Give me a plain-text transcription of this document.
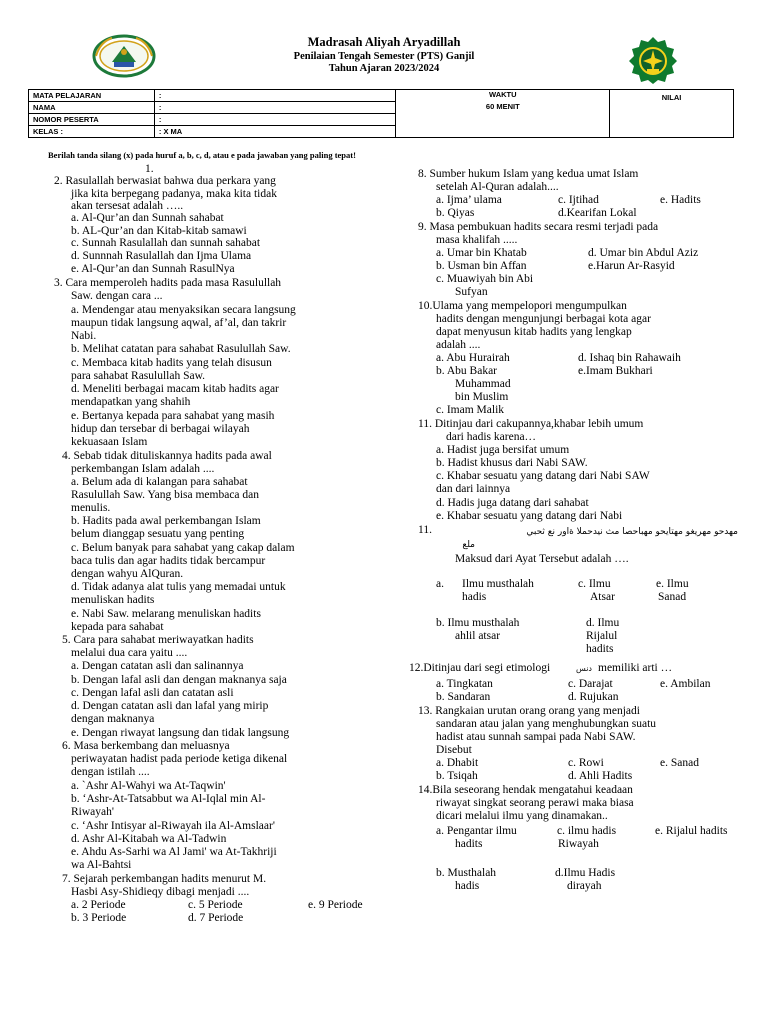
Madrasah Aliyah Aryadillah
Penilaian Tengah Semester (PTS) Ganjil
Tahun Ajaran 2023/2024
MATA PELAJARAN	:	WAKTU	NILAI

NAMA	:	60 MENIT	
NOMOR PESERTA	:		
KELAS :	: X MA		
Berilah tanda silang (x) pada huruf a, b, c, d, atau e pada jawaban yang paling tepat!
1.
2. Rasulallah berwasiat bahwa dua perkara yang
jika kita berpegang padanya, maka kita tidak
akan tersesat adalah …..
a. Al-Qur’an dan Sunnah sahabat
b. AL-Qur’an dan Kitab-kitab samawi
c. Sunnah Rasulallah dan sunnah sahabat
d. Sunnnah Rasulallah dan Ijma Ulama
e. Al-Qur’an dan Sunnah RasulNya
3. Cara memperoleh hadits pada masa Rasulullah
Saw. dengan cara ...
a. Mendengar atau menyaksikan secara langsung
maupun tidak langsung aqwal, af’al, dan takrir
Nabi.
b. Melihat catatan para sahabat Rasulullah Saw.
c. Membaca kitab hadits yang telah disusun
para sahabat Rasulullah Saw.
d. Meneliti berbagai macam kitab hadits agar
mendapatkan yang shahih
e. Bertanya kepada para sahabat yang masih
hidup dan tersebar di berbagai wilayah
kekuasaan Islam
4. Sebab tidak dituliskannya hadits pada awal
perkembangan Islam adalah ....
a. Belum ada di kalangan para sahabat
Rasulullah Saw. Yang bisa membaca dan
menulis.
b. Hadits pada awal perkembangan Islam
belum dianggap sesuatu yang penting
c. Belum banyak para sahabat yang cakap dalam
baca tulis dan agar hadits tidak bercampur
dengan wahyu AlQuran.
d. Tidak adanya alat tulis yang memadai untuk
menuliskan hadits
e. Nabi Saw. melarang menuliskan hadits
kepada para sahabat
5. Cara para sahabat meriwayatkan hadits
melalui dua cara yaitu ....
a. Dengan catatan asli dan salinannya
b. Dengan lafal asli dan dengan maknanya saja
c. Dengan lafal asli dan catatan asli
d. Dengan catatan asli dan lafal yang mirip
dengan maknanya
e. Dengan riwayat langsung dan tidak langsung
6. Masa berkembang dan meluasnya
periwayatan hadist pada periode ketiga dikenal
dengan istilah ....
a. `Ashr Al-Wahyi wa At-Taqwin'
b. ‘Ashr-At-Tatsabbut wa Al-Iqlal min Al-
Riwayah'
c. ‘Ashr Intisyar al-Riwayah ila Al-Amslaar'
d. Ashr Al-Kitabah wa Al-Tadwin
e. Ahdu As-Sarhi wa Al Jami' wa At-Takhriji
wa Al-Bahtsi
7. Sejarah perkembangan hadits menurut M.
Hasbi Asy-Shidieqy dibagi menjadi ....
a. 2 Periode	c. 5 Periode	e. 9 Periode
b. 3 Periode	d. 7 Periode
8. Sumber hukum Islam yang kedua umat Islam
setelah Al-Quran adalah....
a. Ijma’ ulama	c. Ijtihad	e. Hadits
b. Qiyas	d.Kearifan Lokal
9. Masa pembukuan hadits secara resmi terjadi pada
masa khalifah .....
a. Umar bin Khatab	d. Umar bin Abdul Aziz
b. Usman bin Affan	e.Harun Ar-Rasyid
c. Muawiyah bin Abi
Sufyan
10.Ulama yang mempelopori mengumpulkan
hadits dengan mengunjungi berbagai kota agar
dapat menyusun kitab hadits yang lengkap
adalah ....
a. Abu Hurairah	d. Ishaq bin Rahawaih
b. Abu Bakar	e.Imam Bukhari
Muhammad
bin Muslim
c. Imam Malik
11. Ditinjau dari cakupannya,khabar lebih umum
dari hadis karena…
a. Hadist juga bersifat umum
b. Hadist khusus dari Nabi SAW.
c. Khabar sesuatu yang datang dari Nabi SAW
dan dari lainnya
d. Hadis juga datang dari sahabat
e. Khabar sesuatu yang datang dari Nabi
11.
Maksud dari Ayat Tersebut adalah ….
a. Ilmu musthalah	c. Ilmu	e. Ilmu
hadis	Atsar	Sanad
b. Ilmu musthalah	d. Ilmu
ahlil atsar	Rijalul
hadits
12.Ditinjau dari segi etimologi	memiliki arti …
a. Tingkatan	c. Darajat	e. Ambilan
b. Sandaran	d. Rujukan
13. Rangkaian urutan orang orang yang menjadi
sandaran atau jalan yang menghubungkan suatu
hadist atau sunnah sampai pada Nabi SAW.
Disebut
a. Dhabit	c. Rowi	e. Sanad
b. Tsiqah	d. Ahli Hadits
14.Bila seseorang hendak mengatahui keadaan
riwayat singkat seorang perawi maka biasa
dicari melalui ilmu yang dinamakan..
a. Pengantar ilmu	c. ilmu hadis	e. Rijalul hadits
hadits	Riwayah
b. Musthalah	d.Ilmu Hadis
hadis	dirayah
مهدحو مهريغو مهتايحو مهباحصا مث نيدحملا ةاور نع ثحبي
ملع
دنس
